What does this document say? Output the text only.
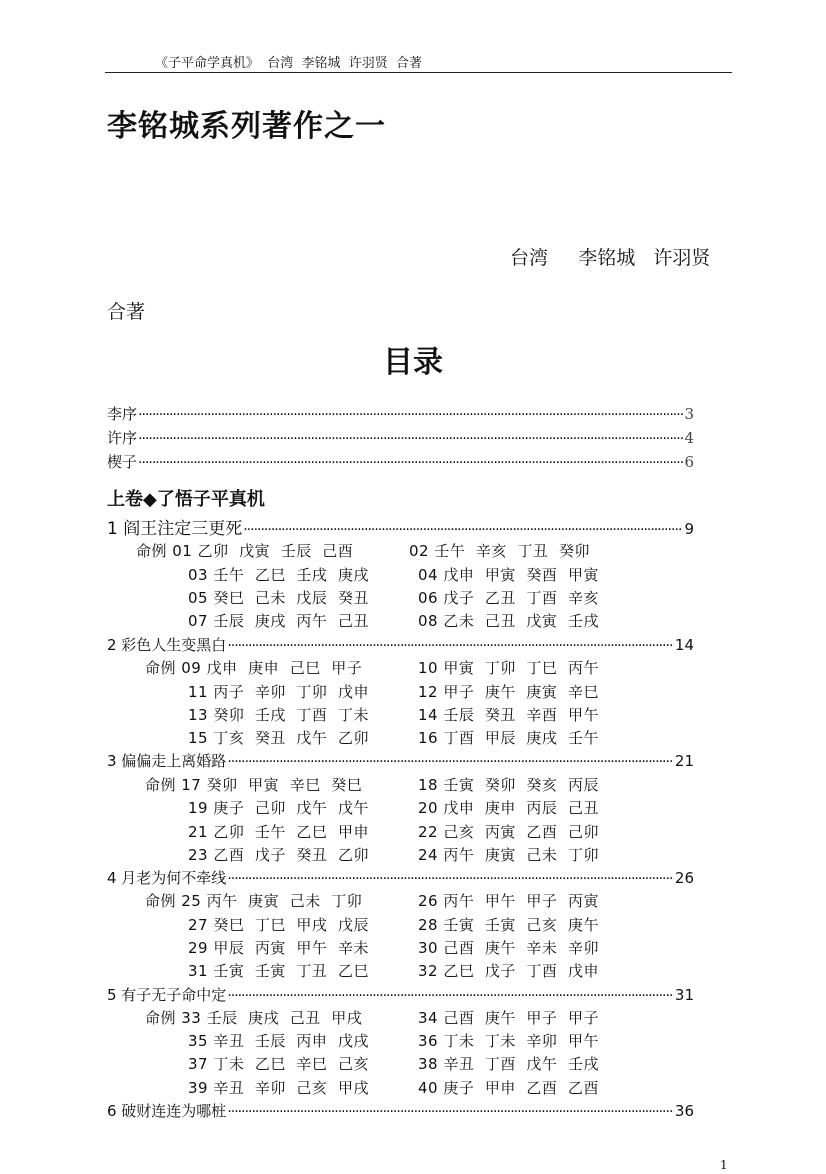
《子平命学真机》  台湾  李铭城  许羽贤  合著
李铭城系列著作之一
台湾     李铭城   许羽贤
合著
目录
李序 ·····	3
许序 ·····	4
楔子 ·····	6
上卷◆了悟子平真机
1 阎王注定三更死 ·····	9
命例 01 乙卯  戊寅  壬辰  己酉	02 壬午  辛亥  丁丑  癸卯
03 壬午  乙巳  壬戌  庚戌	04 戊申  甲寅  癸酉  甲寅
05 癸巳  己未  戊辰  癸丑	06 戊子  乙丑  丁酉  辛亥
07 壬辰  庚戌  丙午  己丑	08 乙未  己丑  戊寅  壬戌
2 彩色人生变黑白 ·····	14
命例 09 戊申  庚申  己巳  甲子	10 甲寅  丁卯  丁巳  丙午
11 丙子  辛卯  丁卯  戊申	12 甲子  庚午  庚寅  辛巳
13 癸卯  壬戌  丁酉  丁未	14 壬辰  癸丑  辛酉  甲午
15 丁亥  癸丑  戊午  乙卯	16 丁酉  甲辰  庚戌  壬午
3 偏偏走上离婚路 ·····	21
命例 17 癸卯  甲寅  辛巳  癸巳	18 壬寅  癸卯  癸亥  丙辰
19 庚子  己卯  戊午  戊午	20 戊申  庚申  丙辰  己丑
21 乙卯  壬午  乙巳  甲申	22 己亥  丙寅  乙酉  己卯
23 乙酉  戊子  癸丑  乙卯	24 丙午  庚寅  己未  丁卯
4 月老为何不牵线 ·····	26
命例 25 丙午  庚寅  己未  丁卯	26 丙午  甲午  甲子  丙寅
27 癸巳  丁巳  甲戌  戊辰	28 壬寅  壬寅  己亥  庚午
29 甲辰  丙寅  甲午  辛未	30 己酉  庚午  辛未  辛卯
31 壬寅  壬寅  丁丑  乙巳	32 乙巳  戊子  丁酉  戊申
5 有子无子命中定 ·····	31
命例 33 壬辰  庚戌  己丑  甲戌	34 己酉  庚午  甲子  甲子
35 辛丑  壬辰  丙申  戊戌	36 丁未  丁未  辛卯  甲午
37 丁未  乙巳  辛巳  己亥	38 辛丑  丁酉  戊午  壬戌
39 辛丑  辛卯  己亥  甲戌	40 庚子  甲申  乙酉  乙酉
6 破财连连为哪桩 ·····	36
1
